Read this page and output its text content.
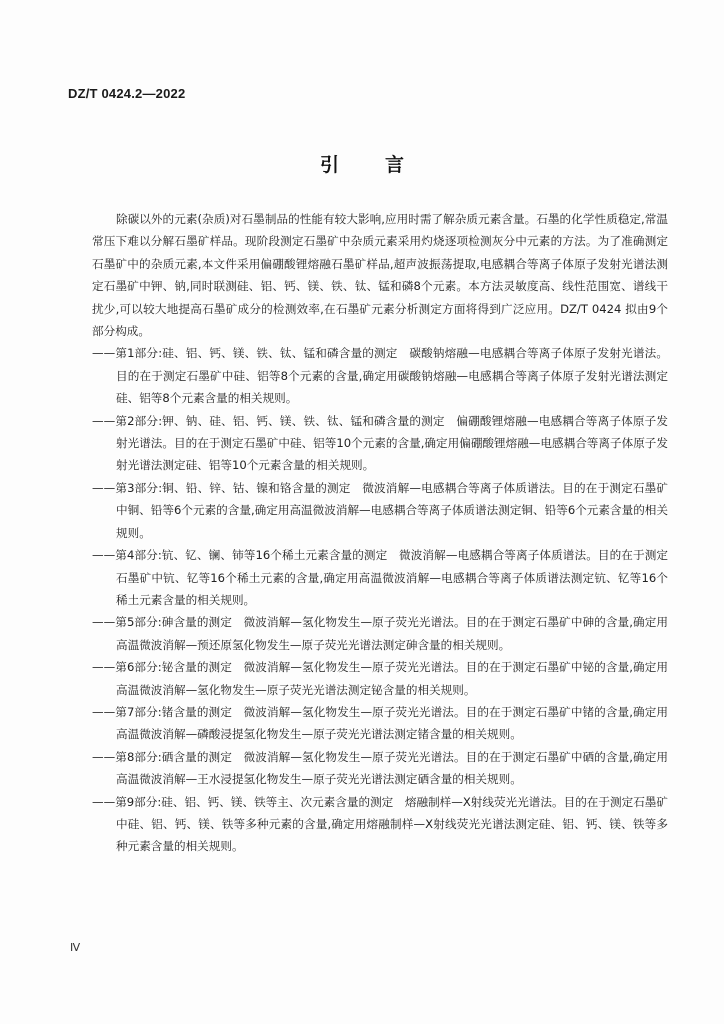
DZ/T 0424.2—2022
引言

除碳以外的元素(杂质)对石墨制品的性能有较大影响,应用时需了解杂质元素含量。石墨的化学性质稳定,常温常压下难以分解石墨矿样品。现阶段测定石墨矿中杂质元素采用灼烧逐项检测灰分中元素的方法。为了准确测定石墨矿中的杂质元素,本文件采用偏硼酸锂熔融石墨矿样品,超声波振荡提取,电感耦合等离子体原子发射光谱法测定石墨矿中钾、钠,同时联测硅、铝、钙、镁、铁、钛、锰和磷8个元素。本方法灵敏度高、线性范围宽、谱线干扰少,可以较大地提高石墨矿成分的检测效率,在石墨矿元素分析测定方面将得到广泛应用。DZ/T 0424 拟由9个部分构成。

——第1部分:硅、铝、钙、镁、铁、钛、锰和磷含量的测定　碳酸钠熔融—电感耦合等离子体原子发射光谱法。目的在于测定石墨矿中硅、铝等8个元素的含量,确定用碳酸钠熔融—电感耦合等离子体原子发射光谱法测定硅、铝等8个元素含量的相关规则。

——第2部分:钾、钠、硅、铝、钙、镁、铁、钛、锰和磷含量的测定　偏硼酸锂熔融—电感耦合等离子体原子发射光谱法。目的在于测定石墨矿中硅、铝等10个元素的含量,确定用偏硼酸锂熔融—电感耦合等离子体原子发射光谱法测定硅、铝等10个元素含量的相关规则。

——第3部分:铜、铅、锌、钴、镍和铬含量的测定　微波消解—电感耦合等离子体质谱法。目的在于测定石墨矿中铜、铅等6个元素的含量,确定用高温微波消解—电感耦合等离子体质谱法测定铜、铅等6个元素含量的相关规则。

——第4部分:钪、钇、镧、铈等16个稀土元素含量的测定　微波消解—电感耦合等离子体质谱法。目的在于测定石墨矿中钪、钇等16个稀土元素的含量,确定用高温微波消解—电感耦合等离子体质谱法测定钪、钇等16个稀土元素含量的相关规则。

——第5部分:砷含量的测定　微波消解—氢化物发生—原子荧光光谱法。目的在于测定石墨矿中砷的含量,确定用高温微波消解—预还原氢化物发生—原子荧光光谱法测定砷含量的相关规则。

——第6部分:铋含量的测定　微波消解—氢化物发生—原子荧光光谱法。目的在于测定石墨矿中铋的含量,确定用高温微波消解—氢化物发生—原子荧光光谱法测定铋含量的相关规则。

——第7部分:锗含量的测定　微波消解—氢化物发生—原子荧光光谱法。目的在于测定石墨矿中锗的含量,确定用高温微波消解—磷酸浸提氢化物发生—原子荧光光谱法测定锗含量的相关规则。

——第8部分:硒含量的测定　微波消解—氢化物发生—原子荧光光谱法。目的在于测定石墨矿中硒的含量,确定用高温微波消解—王水浸提氢化物发生—原子荧光光谱法测定硒含量的相关规则。

——第9部分:硅、铝、钙、镁、铁等主、次元素含量的测定　熔融制样—X射线荧光光谱法。目的在于测定石墨矿中硅、铝、钙、镁、铁等多种元素的含量,确定用熔融制样—X射线荧光光谱法测定硅、铝、钙、镁、铁等多种元素含量的相关规则。

Ⅳ
